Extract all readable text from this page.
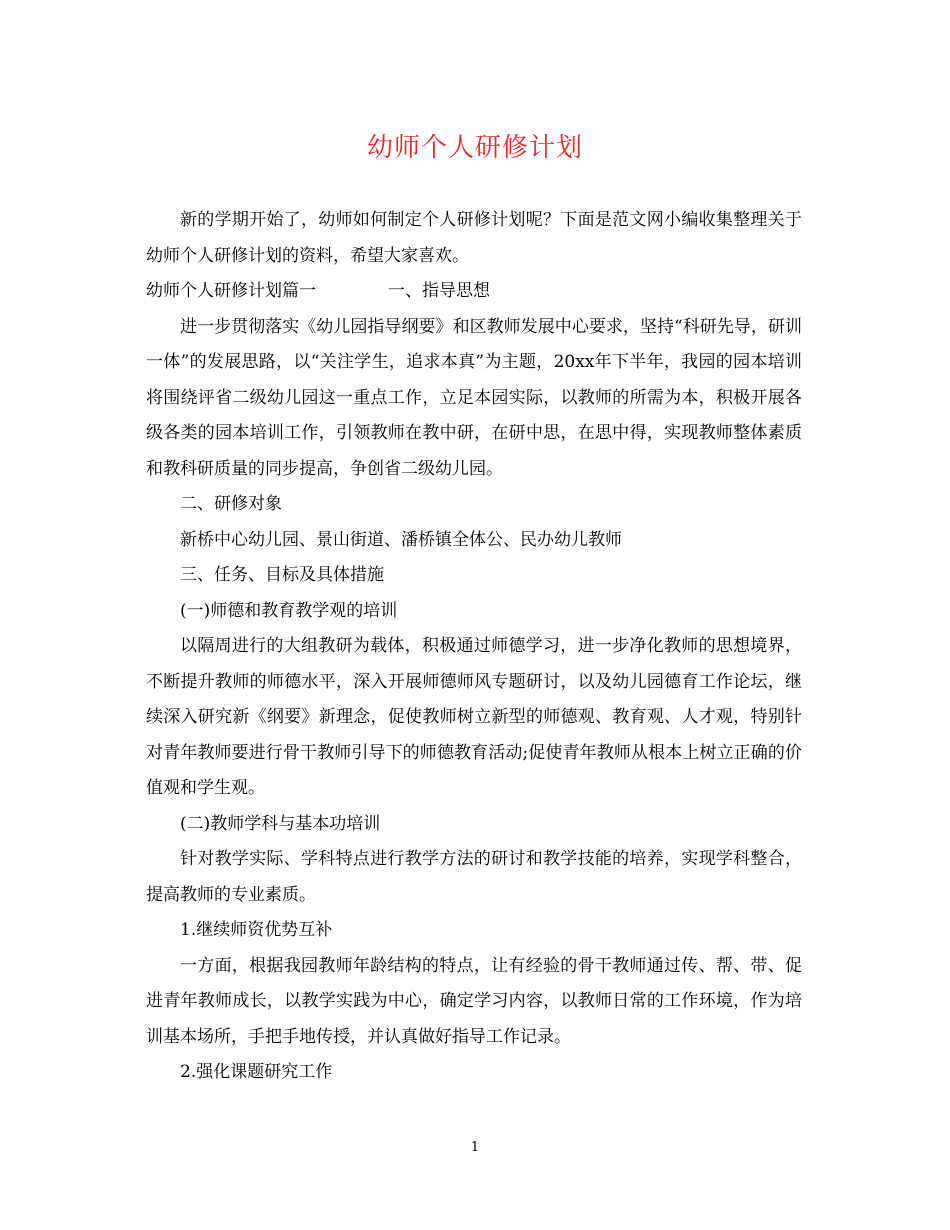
幼师个人研修计划

新的学期开始了，幼师如何制定个人研修计划呢？下面是范文网小编收集整理关于幼师个人研修计划的资料，希望大家喜欢。

幼师个人研修计划篇一	一、指导思想

进一步贯彻落实《幼儿园指导纲要》和区教师发展中心要求，坚持“科研先导，研训一体”的发展思路，以“关注学生，追求本真”为主题，20xx年下半年，我园的园本培训将围绕评省二级幼儿园这一重点工作，立足本园实际，以教师的所需为本，积极开展各级各类的园本培训工作，引领教师在教中研，在研中思，在思中得，实现教师整体素质和教科研质量的同步提高，争创省二级幼儿园。

二、研修对象

新桥中心幼儿园、景山街道、潘桥镇全体公、民办幼儿教师

三、任务、目标及具体措施

(一)师德和教育教学观的培训

以隔周进行的大组教研为载体，积极通过师德学习，进一步净化教师的思想境界，不断提升教师的师德水平，深入开展师德师风专题研讨，以及幼儿园德育工作论坛，继续深入研究新《纲要》新理念，促使教师树立新型的师德观、教育观、人才观，特别针对青年教师要进行骨干教师引导下的师德教育活动;促使青年教师从根本上树立正确的价值观和学生观。

(二)教师学科与基本功培训

针对教学实际、学科特点进行教学方法的研讨和教学技能的培养，实现学科整合，提高教师的专业素质。

1.继续师资优势互补

一方面，根据我园教师年龄结构的特点，让有经验的骨干教师通过传、帮、带、促进青年教师成长，以教学实践为中心，确定学习内容，以教师日常的工作环境，作为培训基本场所，手把手地传授，并认真做好指导工作记录。

2.强化课题研究工作

1
